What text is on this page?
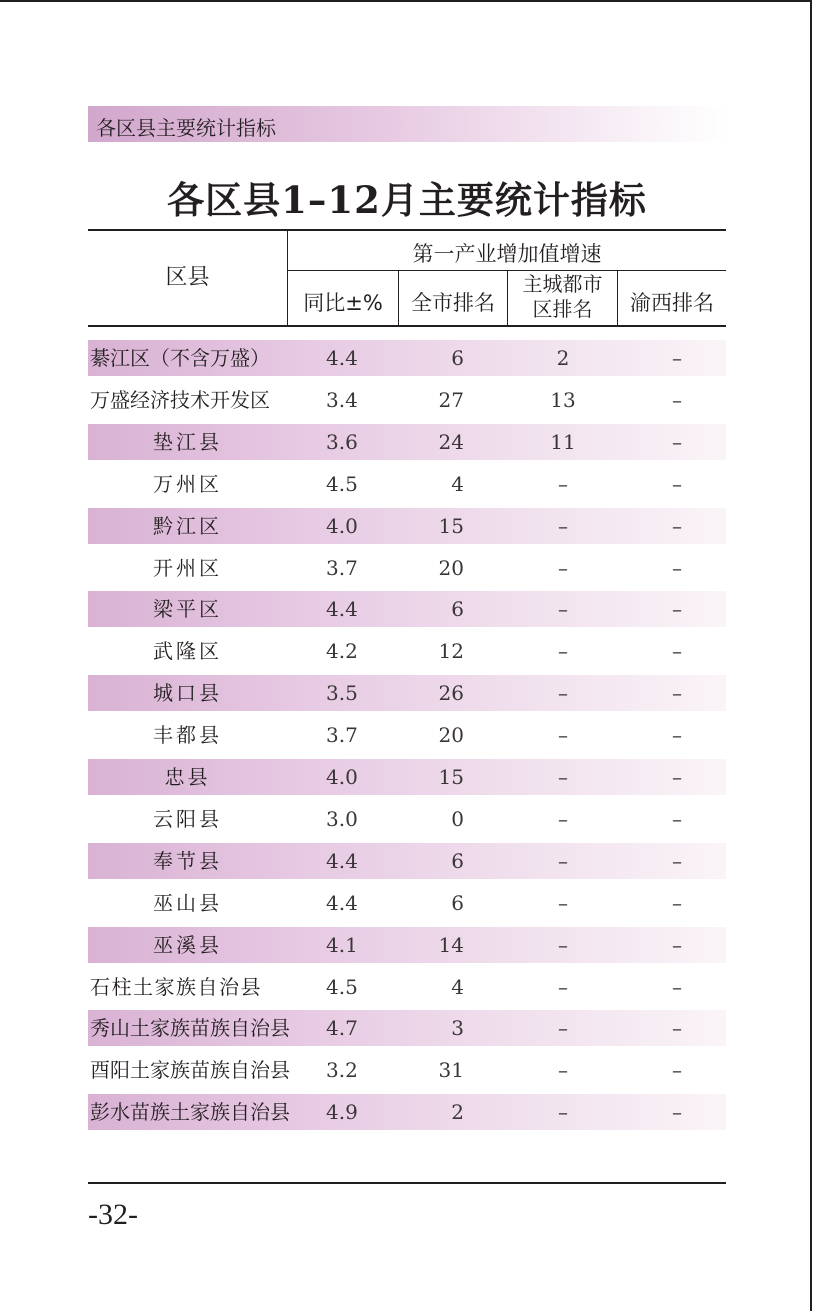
各区县主要统计指标
各区县1–12月主要统计指标
区县
第一产业增加值增速
同比±%	全市排名
主城都市
区排名	渝西排名
綦江区（不含万盛）	4.4	6	2	–
万盛经济技术开发区	3.4	27	13	–
垫江县	3.6	24	11	–
万州区	4.5	4	–	–
黔江区	4.0	15	–	–
开州区	3.7	20	–	–
梁平区	4.4	6	–	–
武隆区	4.2	12	–	–
城口县	3.5	26	–	–
丰都县	3.7	20	–	–
忠县	4.0	15	–	–
云阳县	3.0	0	–	–
奉节县	4.4	6	–	–
巫山县	4.4	6	–	–
巫溪县	4.1	14	–	–
石柱土家族自治县	4.5	4	–	–
秀山土家族苗族自治县 4.7	3	–	–
酉阳土家族苗族自治县 3.2	31	–	–
彭水苗族土家族自治县 4.9	2	–	–
-32-
